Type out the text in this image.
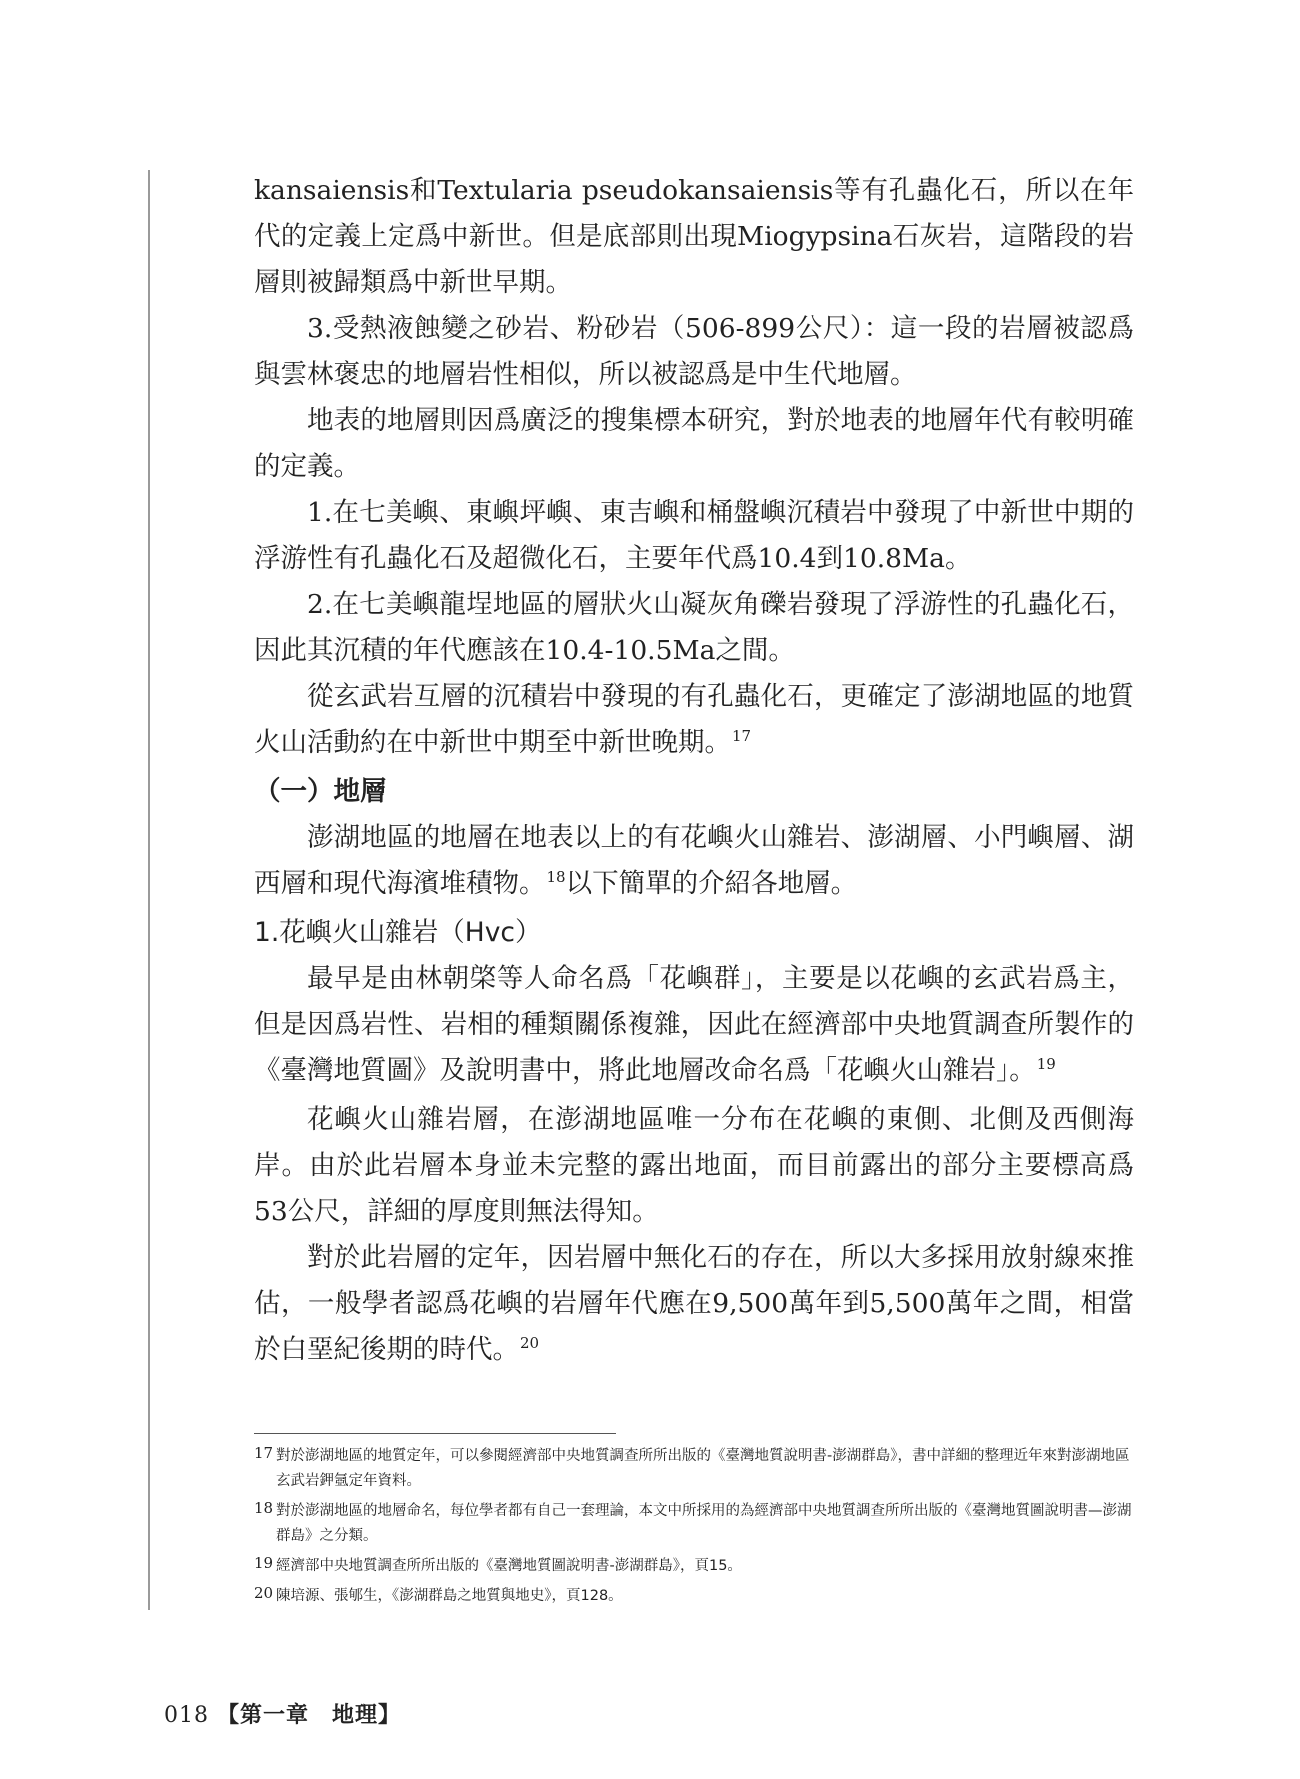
kansaiensis和Textularia pseudokansaiensis等有孔蟲化石，所以在年代的定義上定爲中新世。但是底部則出現Miogypsina石灰岩，這階段的岩層則被歸類爲中新世早期。

3.受熱液蝕變之砂岩、粉砂岩（506-899公尺）：這一段的岩層被認爲與雲林褒忠的地層岩性相似，所以被認爲是中生代地層。

地表的地層則因爲廣泛的搜集標本研究，對於地表的地層年代有較明確的定義。

1.在七美嶼、東嶼坪嶼、東吉嶼和桶盤嶼沉積岩中發現了中新世中期的浮游性有孔蟲化石及超微化石，主要年代爲10.4到10.8Ma。

2.在七美嶼龍埕地區的層狀火山凝灰角礫岩發現了浮游性的孔蟲化石，因此其沉積的年代應該在10.4-10.5Ma之間。

從玄武岩互層的沉積岩中發現的有孔蟲化石，更確定了澎湖地區的地質火山活動約在中新世中期至中新世晚期。$^{17}$

（一）地層

澎湖地區的地層在地表以上的有花嶼火山雜岩、澎湖層、小門嶼層、湖西層和現代海濱堆積物。$^{18}$以下簡單的介紹各地層。

1.花嶼火山雜岩（Hvc）

最早是由林朝棨等人命名爲「花嶼群」，主要是以花嶼的玄武岩爲主，但是因爲岩性、岩相的種類關係複雜，因此在經濟部中央地質調查所製作的《臺灣地質圖》及說明書中，將此地層改命名爲「花嶼火山雜岩」。$^{19}$

花嶼火山雜岩層，在澎湖地區唯一分布在花嶼的東側、北側及西側海岸。由於此岩層本身並未完整的露出地面，而目前露出的部分主要標高爲53公尺，詳細的厚度則無法得知。

對於此岩層的定年，因岩層中無化石的存在，所以大多採用放射線來推估，一般學者認爲花嶼的岩層年代應在9,500萬年到5,500萬年之間，相當於白堊紀後期的時代。$^{20}$

17 對於澎湖地區的地質定年，可以參閱經濟部中央地質調查所所出版的《臺灣地質說明書-澎湖群島》，書中詳細的整理近年來對澎湖地區玄武岩鉀氬定年資料。

18 對於澎湖地區的地層命名，每位學者都有自己一套理論，本文中所採用的為經濟部中央地質調查所所出版的《臺灣地質圖說明書—澎湖群島》之分類。

19 經濟部中央地質調查所所出版的《臺灣地質圖說明書-澎湖群島》，頁15。

20 陳培源、張郇生，《澎湖群島之地質與地史》，頁128。

018 【第一章　地理】
